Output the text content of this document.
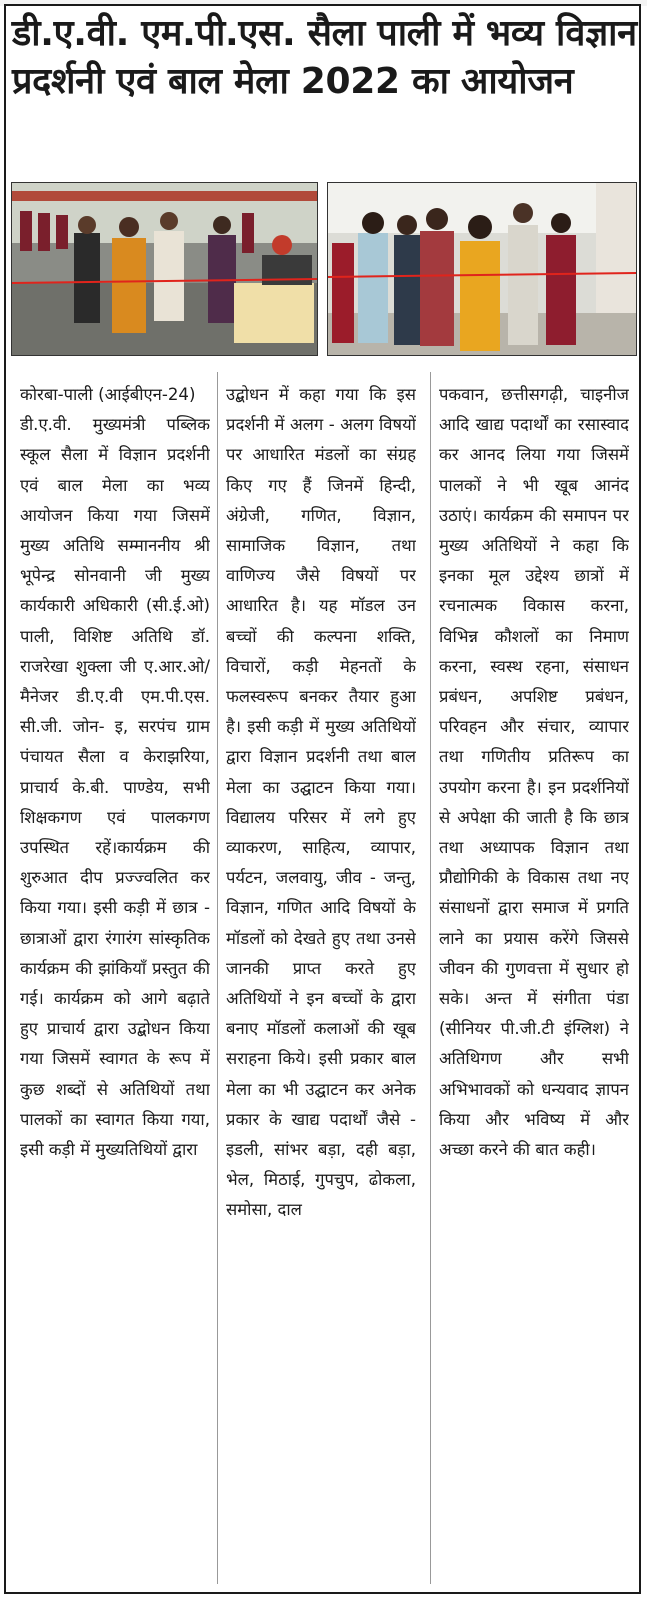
डी.ए.वी. एम.पी.एस. सैला पाली में भव्य विज्ञान प्रदर्शनी एवं बाल मेला 2022 का आयोजन

कोरबा-पाली (आईबीएन-24)

डी.ए.वी. मुख्यमंत्री पब्लिक स्कूल सैला में विज्ञान प्रदर्शनी एवं बाल मेला का भव्य आयोजन किया गया जिसमें मुख्य अतिथि सम्माननीय श्री भूपेन्द्र सोनवानी जी मुख्य कार्यकारी अधिकारी (सी.ई.ओ) पाली, विशिष्ट अतिथि डॉ. राजरेखा शुक्ला जी ए.आर.ओ/मैनेजर डी.ए.वी एम.पी.एस. सी.जी. जोन- इ, सरपंच ग्राम पंचायत सैला व केराझरिया, प्राचार्य के.बी. पाण्डेय, सभी शिक्षकगण एवं पालकगण उपस्थित रहें।कार्यक्रम की शुरुआत दीप प्रज्ज्वलित कर किया गया। इसी कड़ी में छात्र - छात्राओं द्वारा रंगारंग सांस्कृतिक कार्यक्रम की झांकियाँ प्रस्तुत की गई। कार्यक्रम को आगे बढ़ाते हुए प्राचार्य द्वारा उद्बोधन किया गया जिसमें स्वागत के रूप में कुछ शब्दों से अतिथियों तथा पालकों का स्वागत किया गया, इसी कड़ी में मुख्यतिथियों द्वारा

उद्बोधन में कहा गया कि इस प्रदर्शनी में अलग - अलग विषयों पर आधारित मंडलों का संग्रह किए गए हैं जिनमें हिन्दी, अंग्रेजी, गणित, विज्ञान, सामाजिक विज्ञान, तथा वाणिज्य जैसे विषयों पर आधारित है। यह मॉडल उन बच्चों की कल्पना शक्ति, विचारों, कड़ी मेहनतों के फलस्वरूप बनकर तैयार हुआ है। इसी कड़ी में मुख्य अतिथियों द्वारा विज्ञान प्रदर्शनी तथा बाल मेला का उद्घाटन किया गया। विद्यालय परिसर में लगे हुए व्याकरण, साहित्य, व्यापार, पर्यटन, जलवायु, जीव - जन्तु, विज्ञान, गणित आदि विषयों के मॉडलों को देखते हुए तथा उनसे जानकी प्राप्त करते हुए अतिथियों ने इन बच्चों के द्वारा बनाए मॉडलों कलाओं की खूब सराहना किये। इसी प्रकार बाल मेला का भी उद्घाटन कर अनेक प्रकार के खाद्य पदार्थों जैसे - इडली, सांभर बड़ा, दही बड़ा, भेल, मिठाई, गुपचुप, ढोकला, समोसा, दाल

पकवान, छत्तीसगढ़ी, चाइनीज आदि खाद्य पदार्थों का रसास्वाद कर आनद लिया गया जिसमें पालकों ने भी खूब आनंद उठाएं। कार्यक्रम की समापन पर मुख्य अतिथियों ने कहा कि इनका मूल उद्देश्य छात्रों में रचनात्मक विकास करना, विभिन्न कौशलों का निमाण करना, स्वस्थ रहना, संसाधन प्रबंधन, अपशिष्ट प्रबंधन, परिवहन और संचार, व्यापार तथा गणितीय प्रतिरूप का उपयोग करना है। इन प्रदर्शनियों से अपेक्षा की जाती है कि छात्र तथा अध्यापक विज्ञान तथा प्रौद्योगिकी के विकास तथा नए संसाधनों द्वारा समाज में प्रगति लाने का प्रयास करेंगे जिससे जीवन की गुणवत्ता में सुधार हो सके। अन्त में संगीता पंडा (सीनियर पी.जी.टी इंग्लिश) ने अतिथिगण और सभी अभिभावकों को धन्यवाद ज्ञापन किया और भविष्य में और अच्छा करने की बात कही।
